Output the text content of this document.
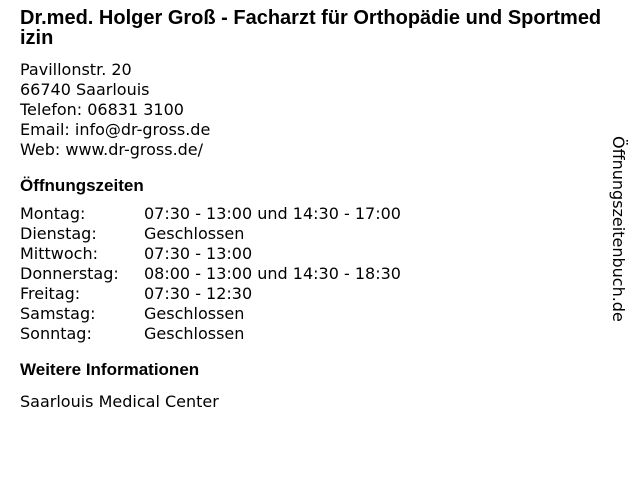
Dr.med. Holger Groß - Facharzt für Orthopädie und Sportmedizin
Pavillonstr. 20
66740 Saarlouis
Telefon: 06831 3100
Email: info@dr-gross.de
Web: www.dr-gross.de/
Öffnungszeiten
Montag:	07:30 - 13:00 und 14:30 - 17:00
Dienstag:	Geschlossen
Mittwoch:	07:30 - 13:00
Donnerstag:	08:00 - 13:00 und 14:30 - 18:30
Freitag:	07:30 - 12:30
Samstag:	Geschlossen
Sonntag:	Geschlossen
Weitere Informationen
Saarlouis Medical Center
Öffnungszeitenbuch.de
